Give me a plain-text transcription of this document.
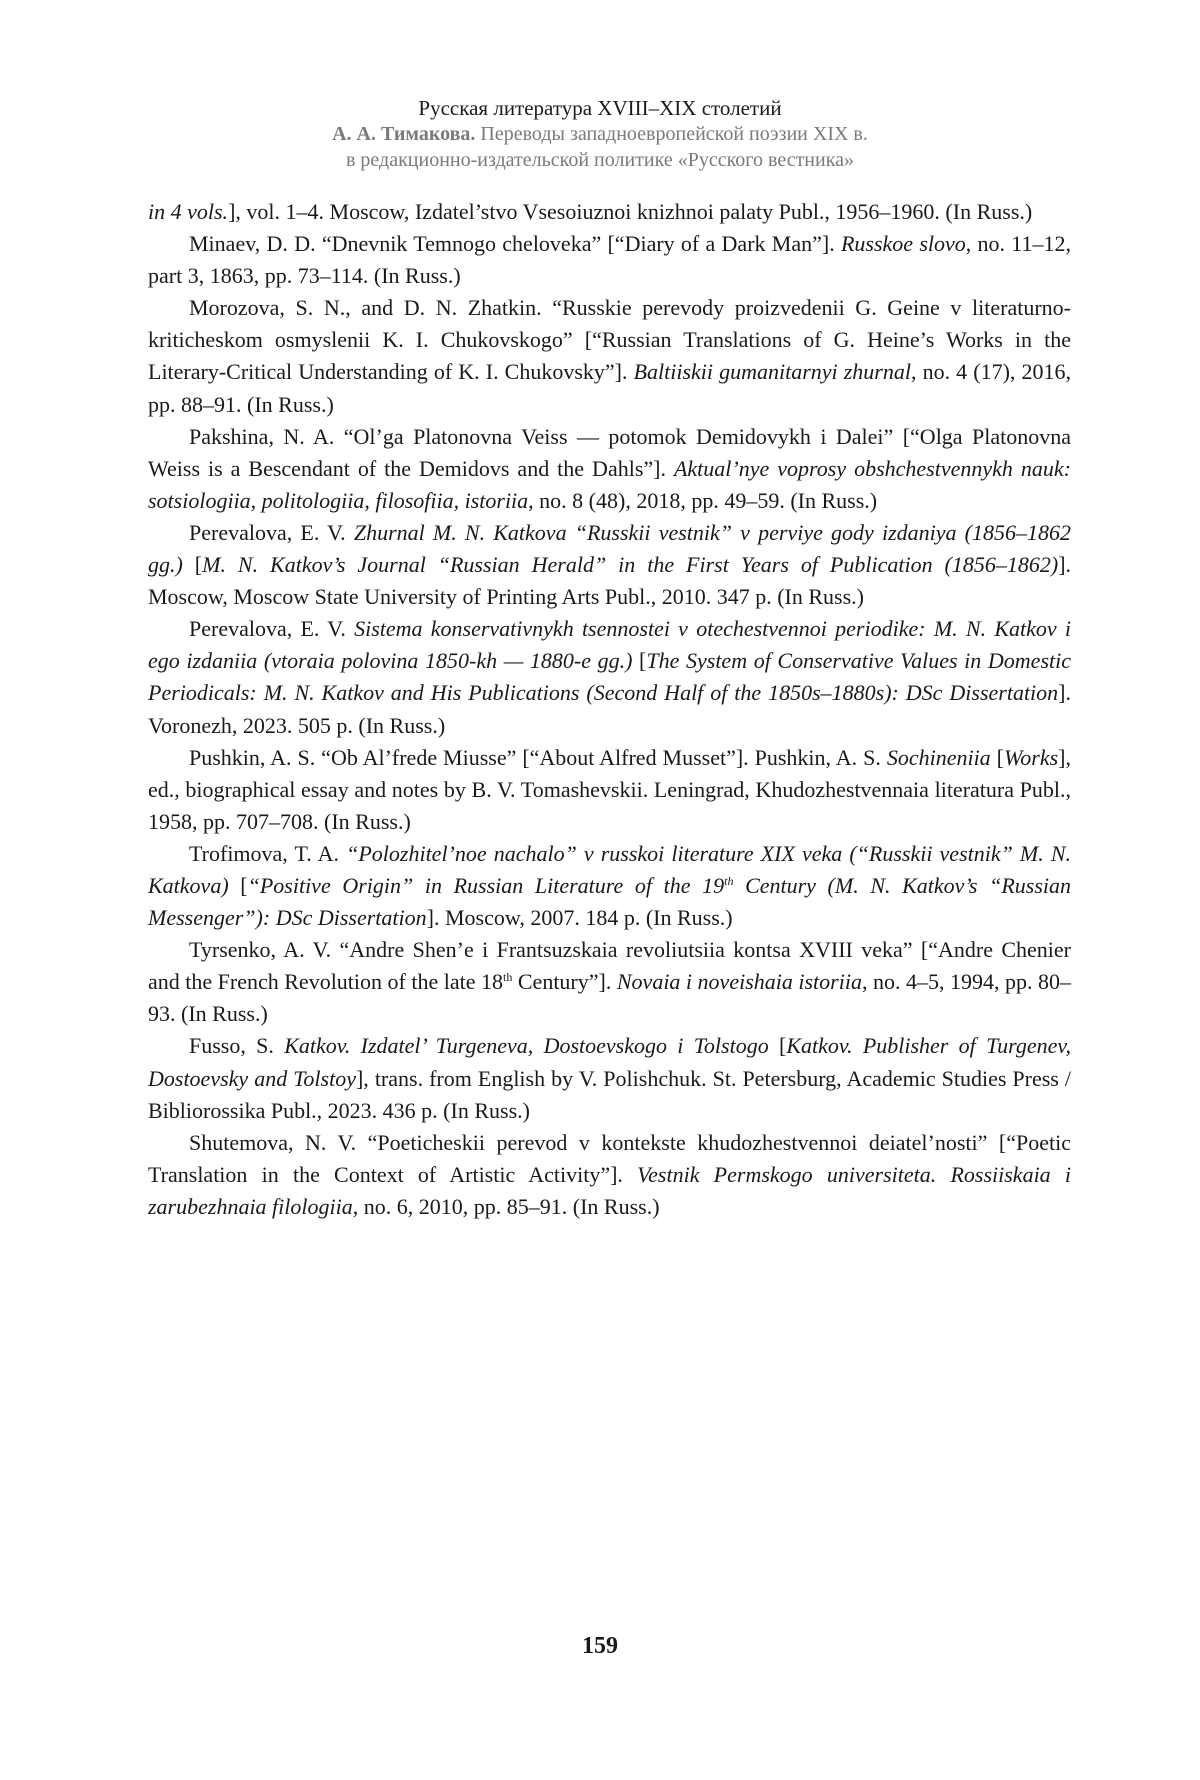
Русская литература XVIII–XIX столетий
А. А. Тимакова. Переводы западноевропейской поэзии XIX в.
в редакционно-издательской политике «Русского вестника»

in 4 vols.], vol. 1–4. Moscow, Izdatel’stvo Vsesoiuznoi knizhnoi palaty Publ., 1956–1960. (In Russ.)

Minaev, D. D. “Dnevnik Temnogo cheloveka” [“Diary of a Dark Man”]. Russkoe slovo, no. 11–12, part 3, 1863, pp. 73–114. (In Russ.)

Morozova, S. N., and D. N. Zhatkin. “Russkie perevody proizvedenii G. Geine v literaturno-kriticheskom osmyslenii K. I. Chukovskogo” [“Russian Translations of G. Heine’s Works in the Literary-Critical Understanding of K. I. Chukovsky”]. Baltiiskii gumanitarnyi zhurnal, no. 4 (17), 2016, pp. 88–91. (In Russ.)

Pakshina, N. A. “Ol’ga Platonovna Veiss — potomok Demidovykh i Dalei” [“Olga Platonovna Weiss is a Bescendant of the Demidovs and the Dahls”]. Aktual’nye voprosy obshchestvennykh nauk: sotsiologiia, politologiia, filosofiia, istoriia, no. 8 (48), 2018, pp. 49–59. (In Russ.)

Perevalova, E. V. Zhurnal M. N. Katkova “Russkii vestnik” v perviye gody izdaniya (1856–1862 gg.) [M. N. Katkov’s Journal “Russian Herald” in the First Years of Publication (1856–1862)]. Moscow, Moscow State University of Printing Arts Publ., 2010. 347 p. (In Russ.)

Perevalova, E. V. Sistema konservativnykh tsennostei v otechestvennoi periodike: M. N. Katkov i ego izdaniia (vtoraia polovina 1850-kh — 1880-e gg.) [The System of Conservative Values in Domestic Periodicals: M. N. Katkov and His Publications (Second Half of the 1850s–1880s): DSc Dissertation]. Voronezh, 2023. 505 p. (In Russ.)

Pushkin, A. S. “Ob Al’frede Miusse” [“About Alfred Musset”]. Pushkin, A. S. Sochineniia [Works], ed., biographical essay and notes by B. V. Tomashevskii. Leningrad, Khudozhestvennaia literatura Publ., 1958, pp. 707–708. (In Russ.)

Trofimova, T. A. “Polozhitel’noe nachalo” v russkoi literature XIX veka (“Russkii vestnik” M. N. Katkova) [“Positive Origin” in Russian Literature of the 19th Century (M. N. Katkov’s “Russian Messenger”): DSc Dissertation]. Moscow, 2007. 184 p. (In Russ.)

Tyrsenko, A. V. “Andre Shen’e i Frantsuzskaia revoliutsiia kontsa XVIII veka” [“Andre Chenier and the French Revolution of the late 18th Century”]. Novaia i noveishaia istoriia, no. 4–5, 1994, pp. 80–93. (In Russ.)

Fusso, S. Katkov. Izdatel’ Turgeneva, Dostoevskogo i Tolstogo [Katkov. Publisher of Turgenev, Dostoevsky and Tolstoy], trans. from English by V. Polishchuk. St. Petersburg, Academic Studies Press / Bibliorossika Publ., 2023. 436 p. (In Russ.)

Shutemova, N. V. “Poeticheskii perevod v kontekste khudozhestvennoi deiatel’nosti” [“Poetic Translation in the Context of Artistic Activity”]. Vestnik Permskogo universiteta. Rossiiskaia i zarubezhnaia filologiia, no. 6, 2010, pp. 85–91. (In Russ.)

159
